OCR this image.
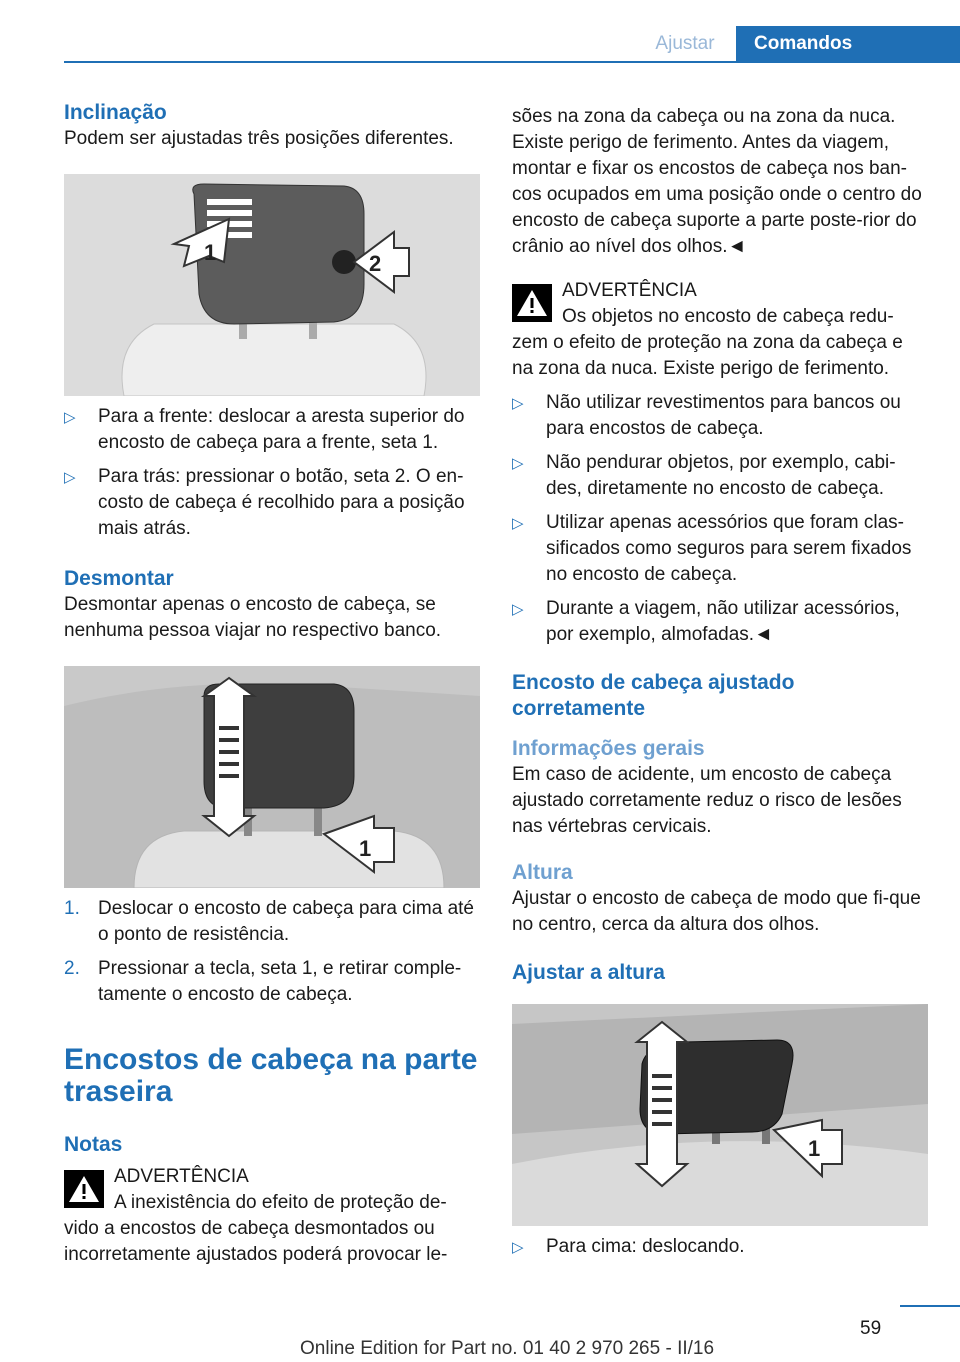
Ajustar	Comandos
Inclinação

Podem ser ajustadas três posições diferentes.

1	2
▷	Para a frente: deslocar a aresta superior do encosto de cabeça para a frente, seta 1.
▷	Para trás: pressionar o botão, seta 2. O en‐costo de cabeça é recolhido para a posição mais atrás.
Desmontar

Desmontar apenas o encosto de cabeça, se nenhuma pessoa viajar no respectivo banco.

1
1. Deslocar o encosto de cabeça para cima até o ponto de resistência.
2. Pressionar a tecla, seta 1, e retirar comple‐tamente o encosto de cabeça.
Encostos de cabeça na parte traseira
Notas

ADVERTÊNCIA

A inexistência do efeito de proteção de‐

vido a encostos de cabeça desmontados ou incorretamente ajustados poderá provocar le‐

sões na zona da cabeça ou na zona da nuca. Existe perigo de ferimento. Antes da viagem, montar e fixar os encostos de cabeça nos ban‐cos ocupados em uma posição onde o centro do encosto de cabeça suporte a parte poste‐rior do crânio ao nível dos olhos.◄

ADVERTÊNCIA

Os objetos no encosto de cabeça redu‐

zem o efeito de proteção na zona da cabeça e na zona da nuca. Existe perigo de ferimento.

▷	Não utilizar revestimentos para bancos ou para encostos de cabeça.
▷	Não pendurar objetos, por exemplo, cabi‐des, diretamente no encosto de cabeça.
▷	Utilizar apenas acessórios que foram clas‐sificados como seguros para serem fixados no encosto de cabeça.
▷	Durante a viagem, não utilizar acessórios, por exemplo, almofadas.◄
Encosto de cabeça ajustado corretamente
Informações gerais

Em caso de acidente, um encosto de cabeça ajustado corretamente reduz o risco de lesões nas vértebras cervicais.

Altura

Ajustar o encosto de cabeça de modo que fi‐que no centro, cerca da altura dos olhos.

Ajustar a altura
1
▷	Para cima: deslocando.
59
Online Edition for Part no. 01 40 2 970 265 - II/16
